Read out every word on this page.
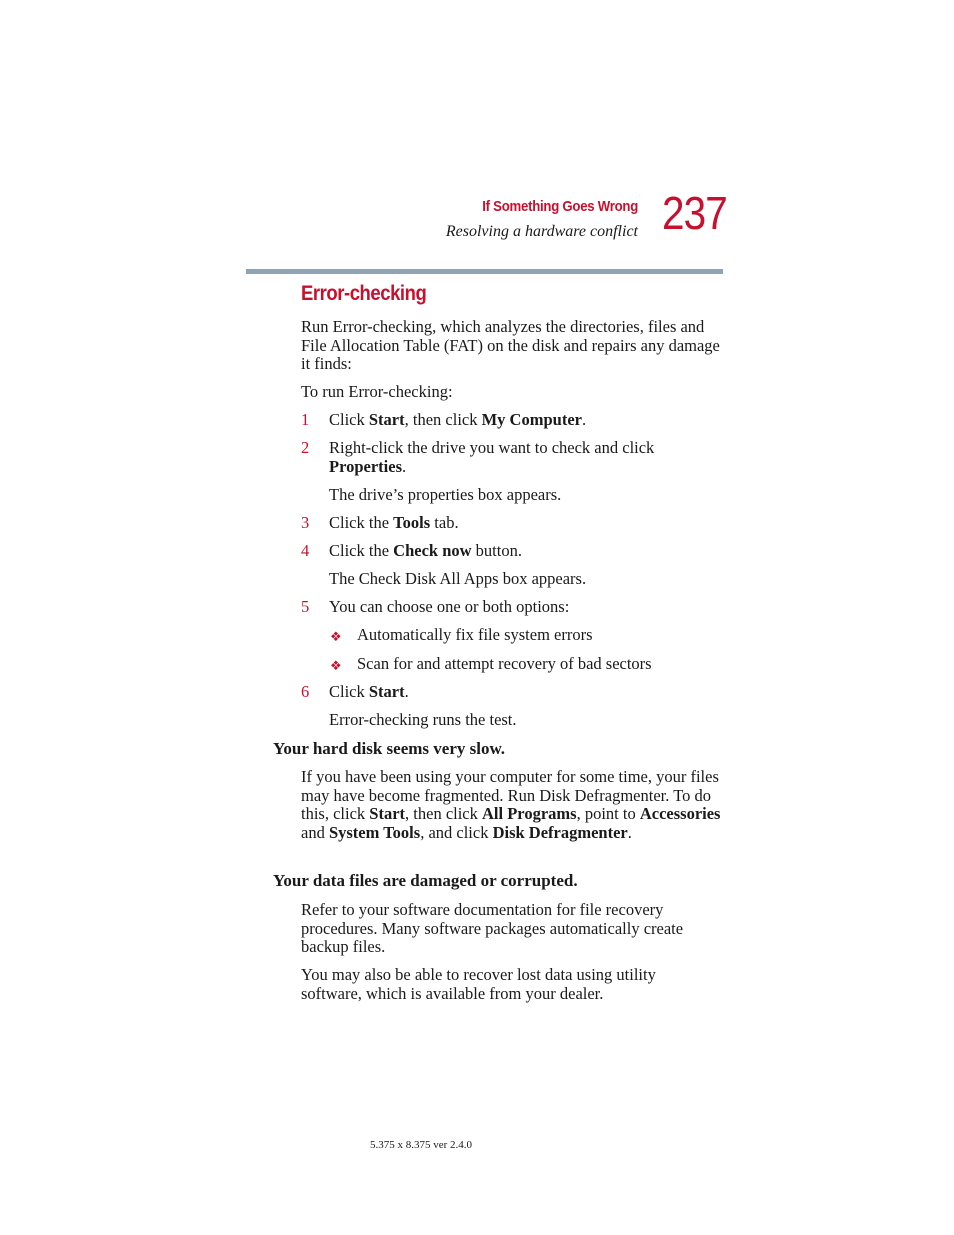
If Something Goes Wrong
Resolving a hardware conflict 237
Error-checking
Run Error-checking, which analyzes the directories, files and File Allocation Table (FAT) on the disk and repairs any damage it finds:
To run Error-checking:
1 Click Start, then click My Computer.
2 Right-click the drive you want to check and click Properties.
The drive’s properties box appears.
3 Click the Tools tab.
4 Click the Check now button.
The Check Disk All Apps box appears.
5 You can choose one or both options:
❖ Automatically fix file system errors
❖ Scan for and attempt recovery of bad sectors
6 Click Start.
Error-checking runs the test.
Your hard disk seems very slow.
If you have been using your computer for some time, your files may have become fragmented. Run Disk Defragmenter. To do this, click Start, then click All Programs, point to Accessories and System Tools, and click Disk Defragmenter.
Your data files are damaged or corrupted.
Refer to your software documentation for file recovery procedures. Many software packages automatically create backup files.
You may also be able to recover lost data using utility software, which is available from your dealer.
5.375 x 8.375 ver 2.4.0
